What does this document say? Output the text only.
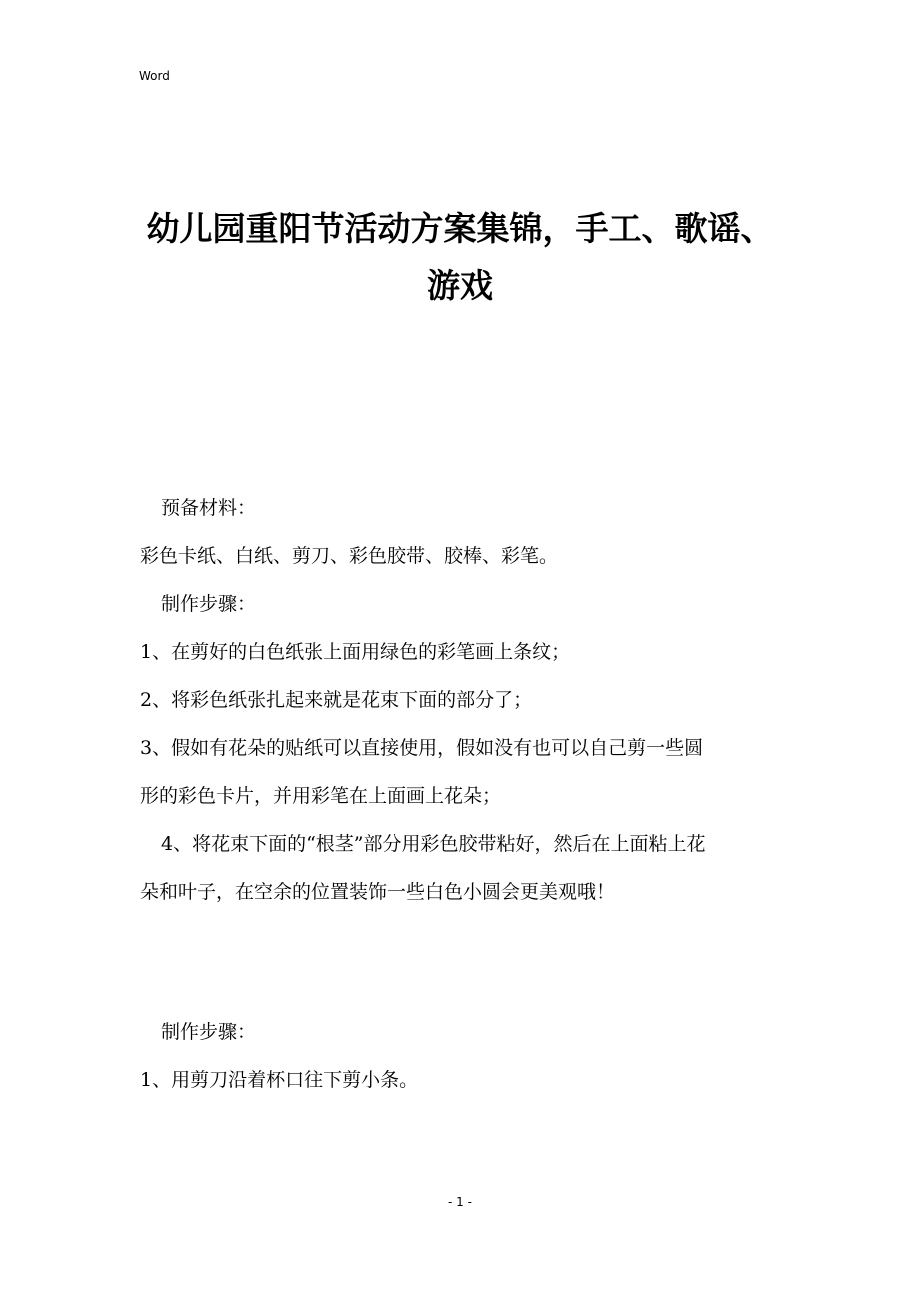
Word
幼儿园重阳节活动方案集锦，手工、歌谣、
游戏

预备材料：

彩色卡纸、白纸、剪刀、彩色胶带、胶棒、彩笔。

制作步骤：

1、在剪好的白色纸张上面用绿色的彩笔画上条纹；

2、将彩色纸张扎起来就是花束下面的部分了；

3、假如有花朵的贴纸可以直接使用，假如没有也可以自己剪一些圆

形的彩色卡片，并用彩笔在上面画上花朵；

4、将花束下面的“根茎”部分用彩色胶带粘好，然后在上面粘上花

朵和叶子，在空余的位置装饰一些白色小圆会更美观哦！

制作步骤：

1、用剪刀沿着杯口往下剪小条。

- 1 -
